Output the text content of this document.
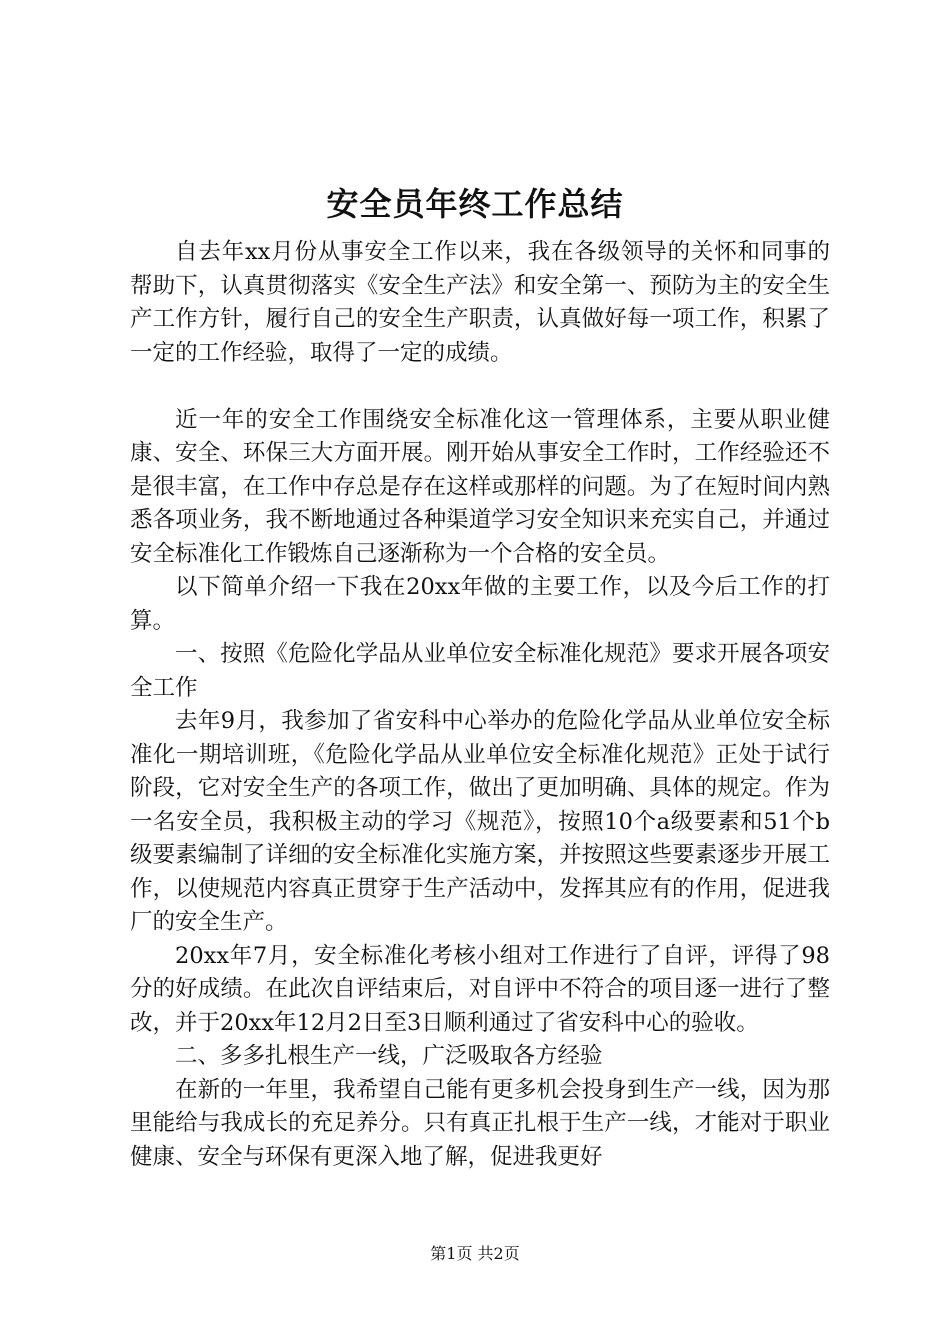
安全员年终工作总结

自去年xx月份从事安全工作以来，我在各级领导的关怀和同事的帮助下，认真贯彻落实《安全生产法》和安全第一、预防为主的安全生产工作方针，履行自己的安全生产职责，认真做好每一项工作，积累了一定的工作经验，取得了一定的成绩。

近一年的安全工作围绕安全标准化这一管理体系，主要从职业健康、安全、环保三大方面开展。刚开始从事安全工作时，工作经验还不是很丰富，在工作中存总是存在这样或那样的问题。为了在短时间内熟悉各项业务，我不断地通过各种渠道学习安全知识来充实自己，并通过安全标准化工作锻炼自己逐渐称为一个合格的安全员。

以下简单介绍一下我在20xx年做的主要工作，以及今后工作的打算。

一、按照《危险化学品从业单位安全标准化规范》要求开展各项安全工作

去年9月，我参加了省安科中心举办的危险化学品从业单位安全标准化一期培训班，《危险化学品从业单位安全标准化规范》正处于试行阶段，它对安全生产的各项工作，做出了更加明确、具体的规定。作为一名安全员，我积极主动的学习《规范》，按照10个a级要素和51个b级要素编制了详细的安全标准化实施方案，并按照这些要素逐步开展工作，以使规范内容真正贯穿于生产活动中，发挥其应有的作用，促进我厂的安全生产。

20xx年7月，安全标准化考核小组对工作进行了自评，评得了98分的好成绩。在此次自评结束后，对自评中不符合的项目逐一进行了整改，并于20xx年12月2日至3日顺利通过了省安科中心的验收。

二、多多扎根生产一线，广泛吸取各方经验

在新的一年里，我希望自己能有更多机会投身到生产一线，因为那里能给与我成长的充足养分。只有真正扎根于生产一线，才能对于职业健康、安全与环保有更深入地了解，促进我更好

第1页 共2页
